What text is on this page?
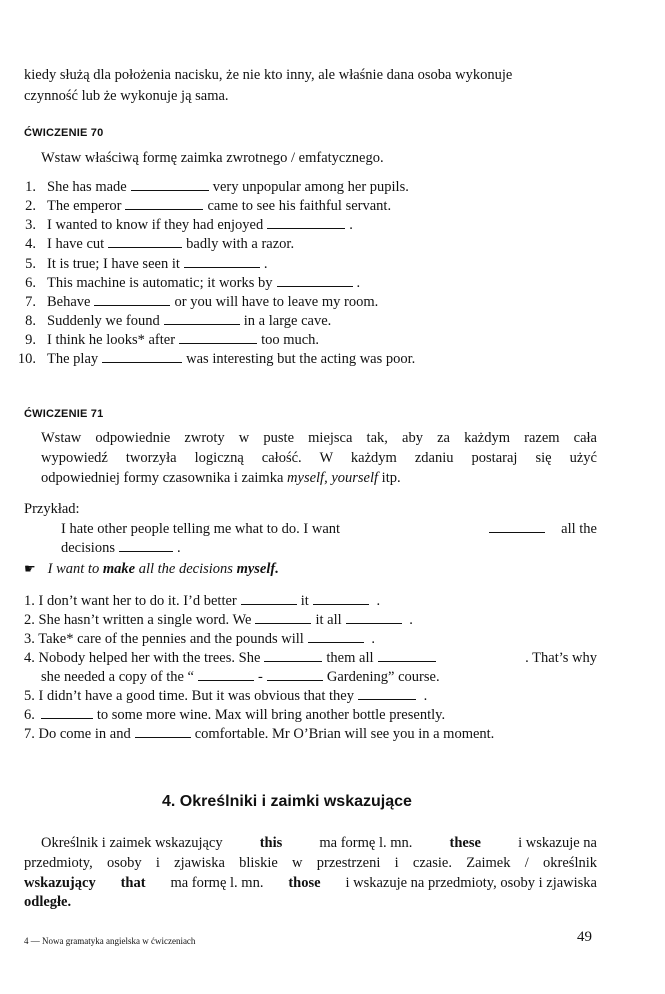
kiedy służą dla położenia nacisku, że nie kto inny, ale właśnie dana osoba wykonuje
czynność lub że wykonuje ją sama.
ĆWICZENIE 70
Wstaw właściwą formę zaimka zwrotnego / emfatycznego.
1. She has made	very unpopular among her pupils.
2. The emperor	came to see his faithful servant.
3. I wanted to know if they had enjoyed	.
4. I have cut	badly with a razor.
5. It is true; I have seen it	.
6. This machine is automatic; it works by	.
7. Behave	or you will have to leave my room.
8. Suddenly we found	in a large cave.
9. I think he looks* after	too much.
10. The play	was interesting but the acting was poor.
ĆWICZENIE 71
Wstaw odpowiednie zwroty w puste miejsca tak, aby za każdym razem cała
wypowiedź tworzyła logiczną całość. W każdym zdaniu postaraj się użyć
odpowiedniej formy czasownika i zaimka myself, yourself itp.
Przykład:
I hate other people telling me what to do. I want	all the
decisions	.
☛ I want to make all the decisions myself.
1. I don’t want her to do it. I’d better	it	.
2. She hasn’t written a single word. We	it all	.
3. Take* care of the pennies and the pounds will	.
4. Nobody helped her with the trees. She	them all	. That’s why
she needed a copy of the “	-	Gardening” course.
5. I didn’t have a good time. But it was obvious that they	.
6.	to some more wine. Max will bring another bottle presently.
7. Do come in and	comfortable. Mr O’Brian will see you in a moment.
4. Określniki i zaimki wskazujące
Określnik i zaimek wskazujący	this	ma formę l. mn.	these	i wskazuje na
przedmioty, osoby i zjawiska bliskie w przestrzeni i czasie. Zaimek / określnik
wskazujący that ma formę l. mn. those i wskazuje na przedmioty, osoby i zjawiska
odległe.
4 — Nowa gramatyka angielska w ćwiczeniach	49
